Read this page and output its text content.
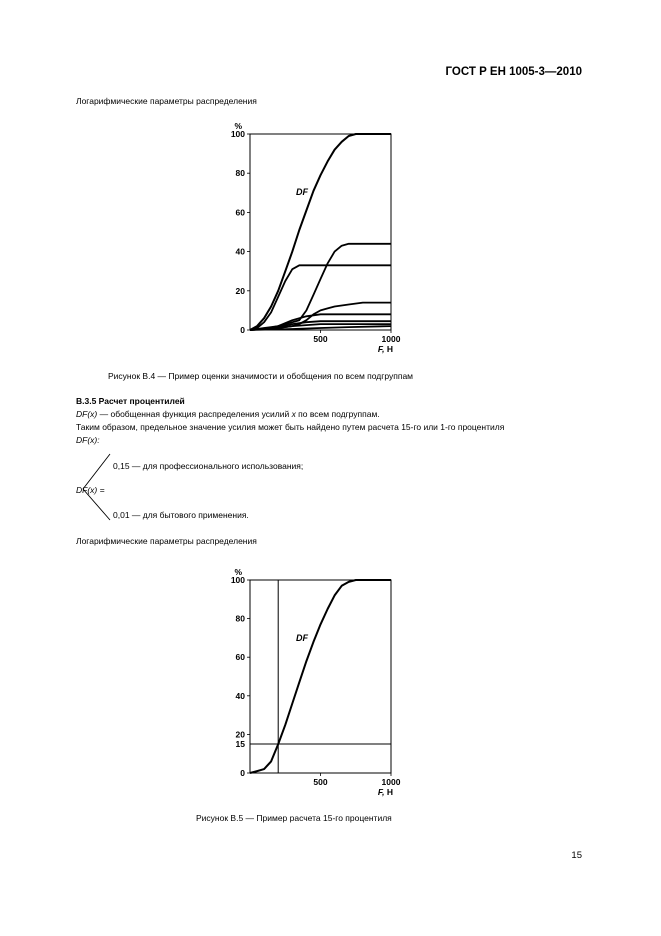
ГОСТ Р ЕН 1005-3—2010
Логарифмические параметры распределения
0
20
40
60
80
100
500	1000
%
F, Н
DF
Рисунок В.4 — Пример оценки значимости и обобщения по всем подгруппам
В.3.5 Расчет процентилей
DF(x) — обобщенная функция распределения усилий x по всем подгруппам.
Таким образом, предельное значение усилия может быть найдено путем расчета 15-го или 1-го процентиля
DF(x):
DF(x) =
0,15 — для профессионального использования;
0,01 — для бытового применения.
Логарифмические параметры распределения
0
20
40
60
80
100
500	1000
%
F, Н
15
DF
Рисунок В.5 — Пример расчета 15-го процентиля
15
